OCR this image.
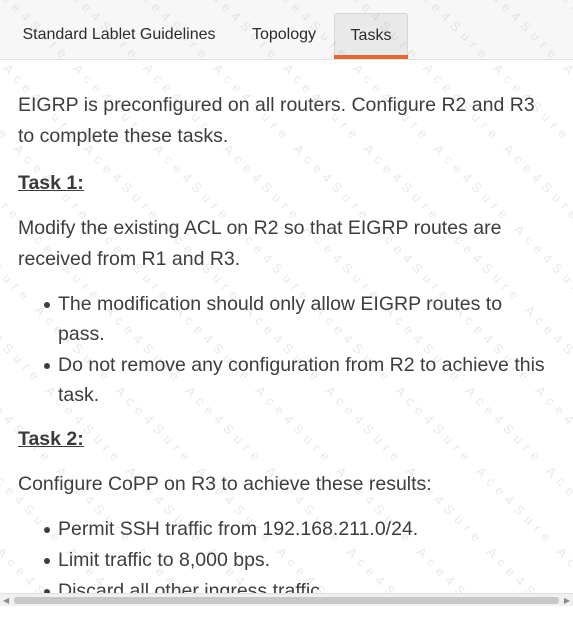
Standard Lablet Guidelines	Topology	Tasks

EIGRP is preconfigured on all routers. Configure R2 and R3 to complete these tasks.

Task 1:

Modify the existing ACL on R2 so that EIGRP routes are received from R1 and R3.

The modification should only allow EIGRP routes to pass.
Do not remove any configuration from R2 to achieve this task.
Task 2:

Configure CoPP on R3 to achieve these results:

Permit SSH traffic from 192.168.211.0/24.
Limit traffic to 8,000 bps.
Discard all other ingress traffic.
Ace4Sure
Ace4Sure Ace4Sure
Ace4Sure Ace4Sure Ace4Sure
Ace4Sure Ace4Sure Ace4Sure Ace4Sure
Ace4Sure Ace4Sure Ace4Sure Ace4Sure Ace4Sure
Ace4Sure Ace4Sure Ace4Sure Ace4Sure Ace4Sure Ace4Sure
Ace4Sure Ace4Sure Ace4Sure Ace4Sure Ace4Sure Ace4Sure Ace4Sure
Ace4Sure Ace4Sure Ace4Sure Ace4Sure Ace4Sure Ace4Sure Ace4Sure
Ace4Sure Ace4Sure Ace4Sure Ace4Sure Ace4Sure Ace4Sure Ace4Sure
Ace4Sure Ace4Sure Ace4Sure Ace4Sure Ace4Sure Ace4Sure
Ace4Sure Ace4Sure Ace4Sure Ace4Sure Ace4Sure
Ace4Sure Ace4Sure Ace4Sure Ace4Sure
Ace4Sure Ace4Sure Ace4Sure
Ace4Sure Ace4Sure
Ace4Sure Ace4Sure
Ace4Sure
◀	▶
